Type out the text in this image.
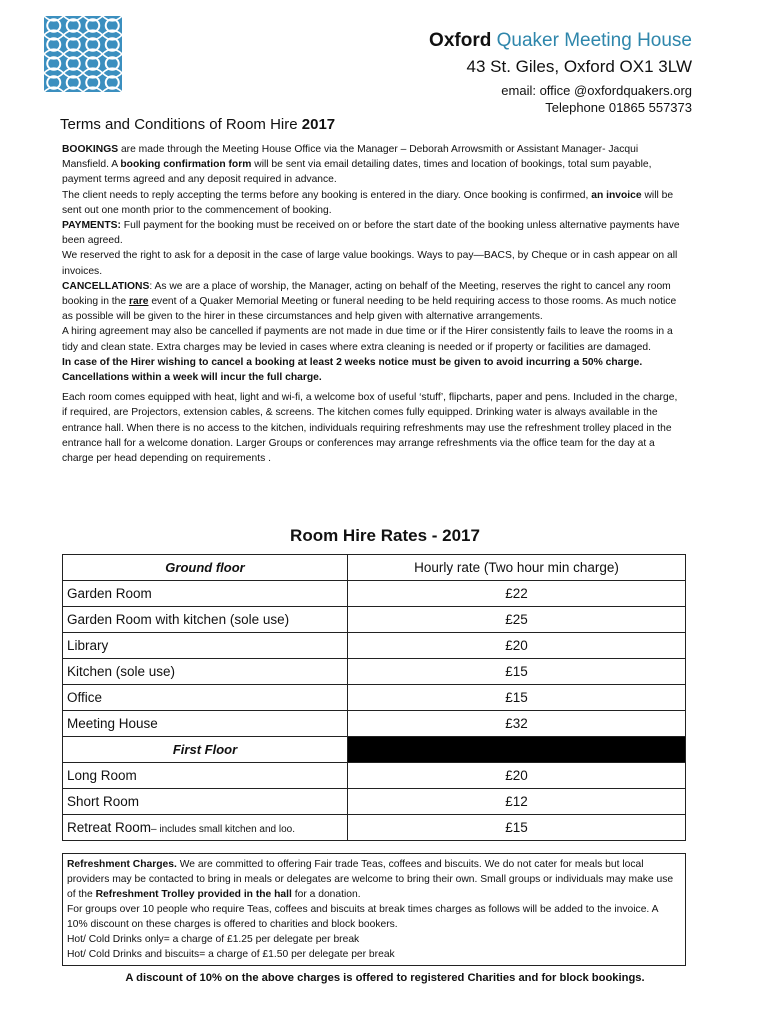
Oxford Quaker Meeting House
43 St. Giles, Oxford OX1 3LW
email: office @oxfordquakers.org
Telephone 01865 557373
Terms and Conditions of Room Hire 2017

BOOKINGS are made through the Meeting House Office via the Manager – Deborah Arrowsmith or Assistant Manager- Jacqui Mansfield. A booking confirmation form will be sent via email detailing dates, times and location of bookings, total sum payable, payment terms agreed and any deposit required in advance.

The client needs to reply accepting the terms before any booking is entered in the diary. Once booking is confirmed, an invoice will be sent out one month prior to the commencement of booking.

PAYMENTS: Full payment for the booking must be received on or before the start date of the booking unless alternative payments have been agreed.

We reserved the right to ask for a deposit in the case of large value bookings. Ways to pay—BACS, by Cheque or in cash appear on all invoices.

CANCELLATIONS: As we are a place of worship, the Manager, acting on behalf of the Meeting, reserves the right to cancel any room booking in the rare event of a Quaker Memorial Meeting or funeral needing to be held requiring access to those rooms. As much notice as possible will be given to the hirer in these circumstances and help given with alternative arrangements.

A hiring agreement may also be cancelled if payments are not made in due time or if the Hirer consistently fails to leave the rooms in a tidy and clean state. Extra charges may be levied in cases where extra cleaning is needed or if property or facilities are damaged.

In case of the Hirer wishing to cancel a booking at least 2 weeks notice must be given to avoid incurring a 50% charge. Cancellations within a week will incur the full charge.

Each room comes equipped with heat, light and wi-fi, a welcome box of useful ‘stuff’, flipcharts, paper and pens. Included in the charge, if required, are Projectors, extension cables, & screens. The kitchen comes fully equipped. Drinking water is always available in the entrance hall. When there is no access to the kitchen, individuals requiring refreshments may use the refreshment trolley placed in the entrance hall for a welcome donation. Larger Groups or conferences may arrange refreshments via the office team for the day at a charge per head depending on requirements .

Room Hire Rates - 2017
Ground floor	Hourly rate (Two hour min charge)
Garden Room	£22
Garden Room with kitchen (sole use)	£25
Library	£20
Kitchen (sole use)	£15
Office	£15
Meeting House	£32
First Floor	
Long Room	£20
Short Room	£12
Retreat Room– includes small kitchen and loo.	£15

Refreshment Charges. We are committed to offering Fair trade Teas, coffees and biscuits. We do not cater for meals but local providers may be contacted to bring in meals or delegates are welcome to bring their own. Small groups or individuals may make use of the Refreshment Trolley provided in the hall for a donation.

For groups over 10 people who require Teas, coffees and biscuits at break times charges as follows will be added to the invoice. A 10% discount on these charges is offered to charities and block bookers.

Hot/ Cold Drinks only= a charge of £1.25 per delegate per break

Hot/ Cold Drinks and biscuits= a charge of £1.50 per delegate per break

A discount of 10% on the above charges is offered to registered Charities and for block bookings.
